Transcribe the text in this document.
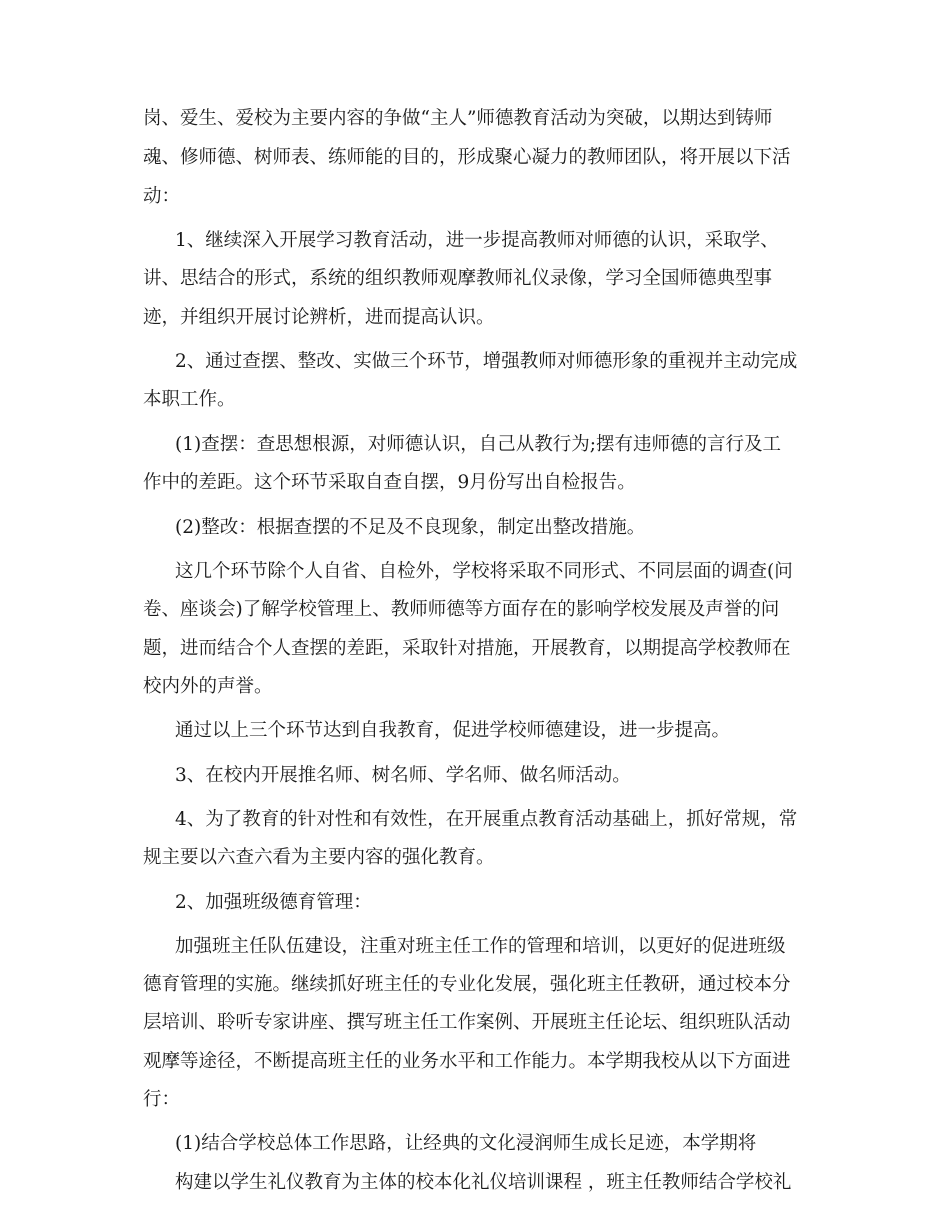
岗、爱生、爱校为主要内容的争做“主人”师德教育活动为突破，以期达到铸师
魂、修师德、树师表、练师能的目的，形成聚心凝力的教师团队，将开展以下活
动：
1、继续深入开展学习教育活动，进一步提高教师对师德的认识，采取学、
讲、思结合的形式，系统的组织教师观摩教师礼仪录像，学习全国师德典型事
迹，并组织开展讨论辨析，进而提高认识。
2、通过查摆、整改、实做三个环节，增强教师对师德形象的重视并主动完成
本职工作。
(1)查摆：查思想根源，对师德认识，自己从教行为;摆有违师德的言行及工
作中的差距。这个环节采取自查自摆，9月份写出自检报告。
(2)整改：根据查摆的不足及不良现象，制定出整改措施。
这几个环节除个人自省、自检外，学校将采取不同形式、不同层面的调查(问
卷、座谈会)了解学校管理上、教师师德等方面存在的影响学校发展及声誉的问
题，进而结合个人查摆的差距，采取针对措施，开展教育，以期提高学校教师在
校内外的声誉。
通过以上三个环节达到自我教育，促进学校师德建设，进一步提高。
3、在校内开展推名师、树名师、学名师、做名师活动。
4、为了教育的针对性和有效性，在开展重点教育活动基础上，抓好常规，常
规主要以六查六看为主要内容的强化教育。
2、加强班级德育管理：
加强班主任队伍建设，注重对班主任工作的管理和培训，以更好的促进班级
德育管理的实施。继续抓好班主任的专业化发展，强化班主任教研，通过校本分
层培训、聆听专家讲座、撰写班主任工作案例、开展班主任论坛、组织班队活动
观摩等途径，不断提高班主任的业务水平和工作能力。本学期我校从以下方面进
行：
(1)结合学校总体工作思路，让经典的文化浸润师生成长足迹，本学期将
构建以学生礼仪教育为主体的校本化礼仪培训课程 ，班主任教师结合学校礼
